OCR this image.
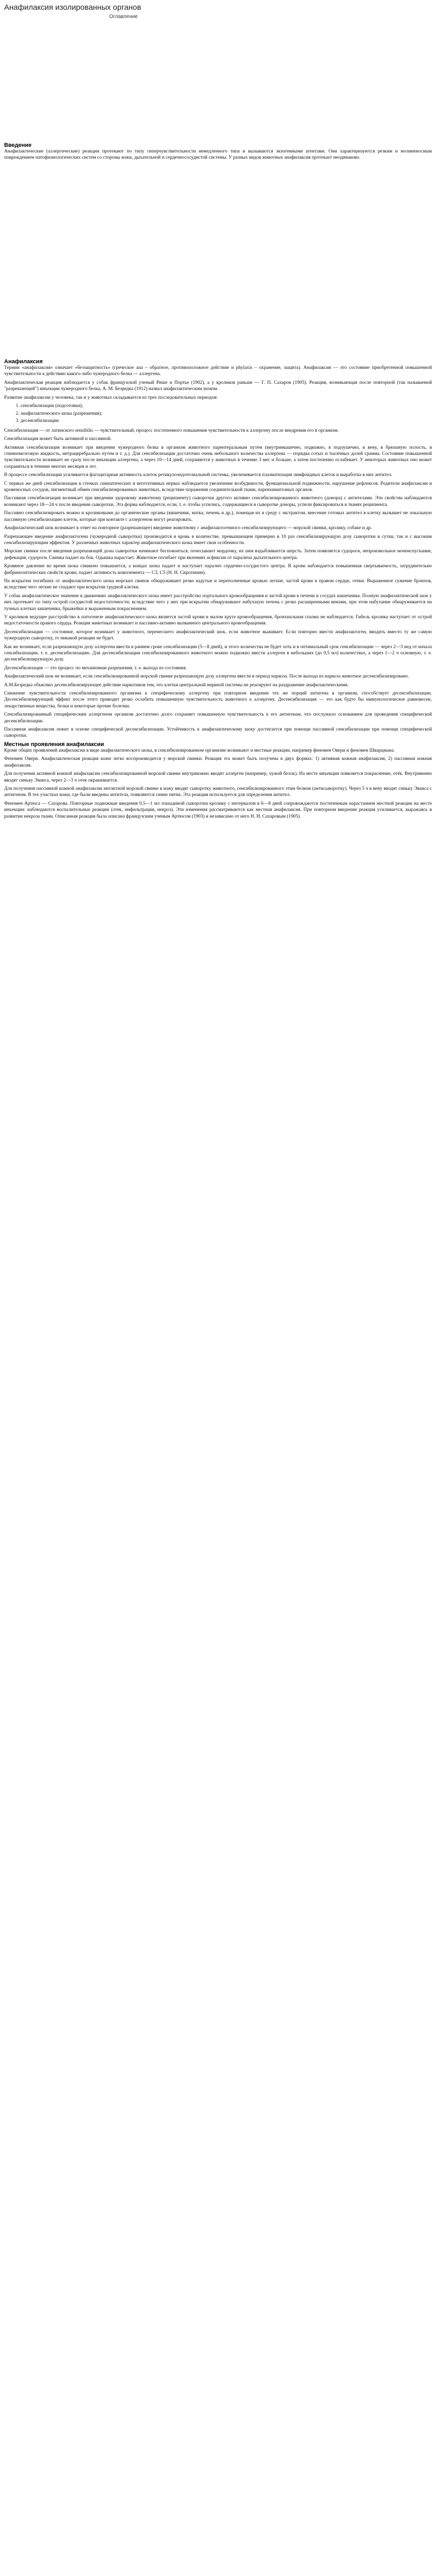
Анафилаксия изолированных органов
Оглавление
Введение

Анафилактические (аллергические) реакции протекают по типу гиперчувствительности немедленного типа и вызываются экзогенными агентами. Они характеризуются резким и молниеносным повреждением патофизиологических систем со стороны кожи, дыхательной и сердечнососудистой системы. У разных видов животных анафилаксия протекает неодинаково.

Анафилаксия

Термин «анафилаксия» означает «беззащитность» (греческое ana – обратное, противоположное действие и phylaxis – охранение, защита). Анафилаксия — это состояние приобретенной повышенной чувствительности к действию какого-либо чужеродного белка — аллергена.

Анафилактическая реакция наблюдается у собак французской ученый Рише и Портье (1902), а у кроликов раньше — Г. П. Сахаров (1905). Реакция, возникающая после повторной (так называемой "разрешающей") инъекции чужеродного белка, А. М. Безредка (1912) назвал анафилактическим шоком.

Развитие анафилаксии у человека, так и у животных складывается из трех последовательных периодов:

1. сенсибилизации (подготовки);
2. анафилактического шока (разрешения);
3. десенсибилизации

Сенсибилизация — от латинского sensibilis — чувствительный, процесс постепенного повышения чувствительности к аллергену после внедрения его в организм.

Сенсибилизация может быть активной и пассивной.

Активная сенсибилизация возникает при введении чужеродного белка в организм животного парентеральным путем (внутримышечно, подкожно, в подоушечно, в вену, в брюшную полость, в спинномозговую жидкость, интрацеребрально путем и т. д.). Для сенсибилизации достаточно очень небольшого количества аллергена — порядка сотых и тысячных долей грамма. Состояние повышенной чувствительности возникает не сразу после инъекции аллергена, а через 10—14 дней, сохраняется у животных в течение 3 мес и больше, а затем постепенно ослабевает. У некоторых животных оно может сохраниться в течение многих месяцев и лет.

В процессе сенсибилизации усиливается фагоцитарная активность клеток ретикулоэндотелиальной системы, увеличивается плазматизация лимфоидных клеток и выработка в них антител.

С первых же дней сенсибилизации в стенках симпатических и вегетативных нервах наблюдается увеличение возбудимости, функциональной подвижности, нарушение рефлексов. Родители анафилаксии и кровеносных сосудов, пигментный обмен сенсибилизированных животных, вследствие поражения соединительной ткани, паренхиматозных органов.

Пассивная сенсибилизация возникает при введении здоровому животному (реципиенту) сыворотки другого активно сенсибилизированного животного (донора) с антителами. Эти свойства наблюдаются возникают через 18—24 ч после введения сыворотки. Эта форма наблюдается, если, т. е. чтобы успелись, содержащиеся в сыворотке доноры, успели фиксироваться в тканях реципиента.

Пассивно сенсибилизировать можно и кроликовыми до органические органы (кишечник, матка, печень и др.), помещая их в среду с экстрактом, внесение готовых антител в клетку вызывает не локальную пассивную сенсибилизацию клеток, которые при контакте с аллергеном могут реагировать.

Анафилактический шок возникает в ответ на повторное (разрешающее) введение животному с анафилактогенного сенсибилизирующего — морской свинки, кролику, собаке и др.

Разрешающее введение анафилактогена (чужеродной сыворотки) производится в кровь в количестве, превышающем примерно в 10 раз сенсибилизирующую дозу сыворотки в сутки, так и с высоким сенсибилизирующим эффектом. У различных животных характер анафилактического шока имеет свои особенности.

Морские свинки после введения разрешающей дозы сыворотки начинают беспокоиться, почесывают мордочку, их шея вздыбливается шерсть. Затем появляется судороги, непроизвольное мочеиспускание, дефекация, судороги. Свинка падает на бок. Одышка нарастает. Животное погибает при явлениях асфиксии от паралича дыхательного центра.

Кровяное давление во время шока снижено повышается, а концах шока падает и наступает паралич сердечно-сосудистого центра. В крови наблюдается повышенная свертываемость, затруднительно фибринолитических свойств крови, падает активность комплемента — С3, С5 (Н. Н. Сиротинин).

На вскрытии погибших от анафилактического шока морских свинок обнаруживают резко вздутые и переполненные кровью легкие, застой крови в правом сердце, отеки. Выраженное сужение бронхов, вследствие чего легкие не спадают при вскрытии грудной клетки.

У собак анафилактическое значение в движениях анафилактического шока имеет расстройство портального кровообращения и застой крови в печени и сосудах кишечника. Полную анафилактической шок у них протекает по типу острой сосудистой недостаточности; вследствие чего у них при вскрытии обнаруживают набухшую печень с резко расширенными венами, при этом набухание обнаруживается на тучных клетках кишечника, брыжейки и выраженным покраснением.

У кроликов ведущее расстройство в патогенезе анафилактического шока является застой крови в малом круге кровообращения, бронхиальная спазма не наблюдается. Гибель кролика наступает от острой недостаточности правого сердца. Реакция животных возникает и пассивно-активно вызванного центрального кровообращения.

Десенсибилизация — состояние, которое возникает у животного, перенесшего анафилактический шок, если животное выживает. Если повторно ввести анафилактоген, вводить вместо ту же самую чужеродную сыворотку, то никакой реакции не будет.

Как же возникает, если разрешающую дозу аллергена ввести в раннем сроке сенсибилизации (5—8 дней), и этого количества не будет хоть и в оптимальный срок сенсибилизации — через 2—3 нед от начала сенсибилизации, т. е. десенсибилизацию. Для десенсибилизации сенсибилизированного животного можно подкожно ввести аллерген в небольших (до 0,5 мл) количествах, а через 1—2 ч основную, т. е. десенсибилизирующую дозу.

Десенсибилизация — это процесс по механизмам разрешения, т. е. выхода из состояния.

Анафилактический шок не возникает, если сенсибилизированной морской свинке разрешающую дозу аллергена ввести в период наркоза. После выхода из наркоза животное десенсибилизировано.

А.М.Безредка объяснил десенсибилизирующее действие наркотиков тем, что клетки центральной нервной системы не реагируют на раздражение анафилактическими.

Снижение чувствительности сенсибилизированного организма к специфическому аллергену при повторном введении тех же порций антигена в организм, способствует десенсибилизации. Десенсибилизирующий эффект после этого приводит резко ослабить повышенную чувствительность животного к аллергену. Десенсибилизация — это как будто бы иммунологическое равновесие, лекарственные вещества, белки и некоторые прочие болезни.

Сенсибилизированный специфическим аллергеном организм достаточно долго сохраняет повышенную чувствительность к его антигенам, что послужило основанием для проведения специфической десенсибилизации.

Пассивная анафилаксия лежит в основе специфической десенсибилизации. Устойчивость к анафилактическому шоку достигается при помощи пассивной сенсибилизации при помощи специфической сыворотки.

Местные проявления анафилаксии

Кроме общих проявлений анафилаксии в виде анафилактического шока, в сенсибилизированном организме возникают и местные реакции, например феномен Овери и феномен Шварцмана.

Феномен Овери. Анафилактическая реакция кожи легко воспроизводится у морской свинки. Реакция эта может быть получена в двух формах: 1) активная кожная анафилаксия, 2) пассивная кожная анафилаксия.

Для получения активной кожной анафилаксии сенсибилизированной морской свинке внутрикожно вводят аллерген (например, чужой белок). На месте инъекции появляется покраснение, отёк. Внутривенно вводят синьку Эванса, через 2—3 ч отек окрашивается.

Для получения пассивной кожной анафилаксии интактной морской свинке в кожу вводят сыворотку животного, сенсибилизированного этим белком (антисыворотку). Через 5 ч в вену вводят синьку Эванса с антигеном. В тех участках кожи, где были введены антитела, появляются синие пятна. Эта реакция используется для определения антител.

Феномен Артюса — Сахарова. Повторные подкожные введения 0,5—1 мл лошадиной сыворотки кролику с интервалом в 6—8 дней сопровождаются постепенным нарастанием местной реакции на месте инъекции: наблюдаются воспалительные реакции (отек, инфильтрация, некроз). Эти изменения рассматриваются как местная анафилаксия. При повторном введении реакция усиливается, выражаясь в развитии некроза ткани. Описанная реакция была описана французским ученым Артюсом (1903) и независимо от него Н. Н. Сахаровым (1905).
